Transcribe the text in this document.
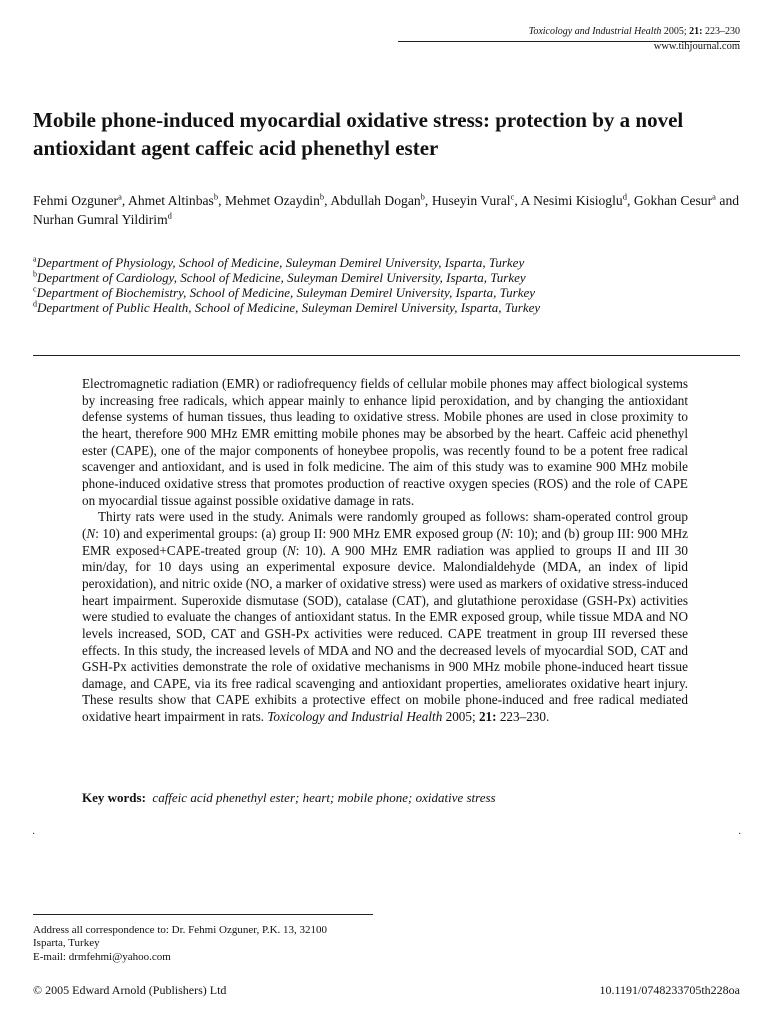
Toxicology and Industrial Health 2005; 21: 223–230
www.tihjournal.com
Mobile phone-induced myocardial oxidative stress: protection by a novel antioxidant agent caffeic acid phenethyl ester
Fehmi Ozguner$^a$, Ahmet Altinbas$^b$, Mehmet Ozaydin$^b$, Abdullah Dogan$^b$, Huseyin Vural$^c$, A Nesimi Kisioglu$^d$, Gokhan Cesur$^a$ and Nurhan Gumral Yildirim$^d$
$^a$Department of Physiology, School of Medicine, Suleyman Demirel University, Isparta, Turkey
$^b$Department of Cardiology, School of Medicine, Suleyman Demirel University, Isparta, Turkey
$^c$Department of Biochemistry, School of Medicine, Suleyman Demirel University, Isparta, Turkey
$^d$Department of Public Health, School of Medicine, Suleyman Demirel University, Isparta, Turkey

Electromagnetic radiation (EMR) or radiofrequency fields of cellular mobile phones may affect biological systems by increasing free radicals, which appear mainly to enhance lipid peroxidation, and by changing the antioxidant defense systems of human tissues, thus leading to oxidative stress. Mobile phones are used in close proximity to the heart, therefore 900 MHz EMR emitting mobile phones may be absorbed by the heart. Caffeic acid phenethyl ester (CAPE), one of the major components of honeybee propolis, was recently found to be a potent free radical scavenger and antioxidant, and is used in folk medicine. The aim of this study was to examine 900 MHz mobile phone-induced oxidative stress that promotes production of reactive oxygen species (ROS) and the role of CAPE on myocardial tissue against possible oxidative damage in rats.

Thirty rats were used in the study. Animals were randomly grouped as follows: sham-operated control group (N: 10) and experimental groups: (a) group II: 900 MHz EMR exposed group (N: 10); and (b) group III: 900 MHz EMR exposed+CAPE-treated group (N: 10). A 900 MHz EMR radiation was applied to groups II and III 30 min/day, for 10 days using an experimental exposure device. Malondialdehyde (MDA, an index of lipid peroxidation), and nitric oxide (NO, a marker of oxidative stress) were used as markers of oxidative stress-induced heart impairment. Superoxide dismutase (SOD), catalase (CAT), and glutathione peroxidase (GSH-Px) activities were studied to evaluate the changes of antioxidant status. In the EMR exposed group, while tissue MDA and NO levels increased, SOD, CAT and GSH-Px activities were reduced. CAPE treatment in group III reversed these effects. In this study, the increased levels of MDA and NO and the decreased levels of myocardial SOD, CAT and GSH-Px activities demonstrate the role of oxidative mechanisms in 900 MHz mobile phone-induced heart tissue damage, and CAPE, via its free radical scavenging and antioxidant properties, ameliorates oxidative heart injury. These results show that CAPE exhibits a protective effect on mobile phone-induced and free radical mediated oxidative heart impairment in rats. Toxicology and Industrial Health 2005; 21: 223–230.

Key words: caffeic acid phenethyl ester; heart; mobile phone; oxidative stress
·	·
Address all correspondence to: Dr. Fehmi Ozguner, P.K. 13, 32100
Isparta, Turkey
E-mail: drmfehmi@yahoo.com
© 2005 Edward Arnold (Publishers) Ltd	10.1191/0748233705th228oa
